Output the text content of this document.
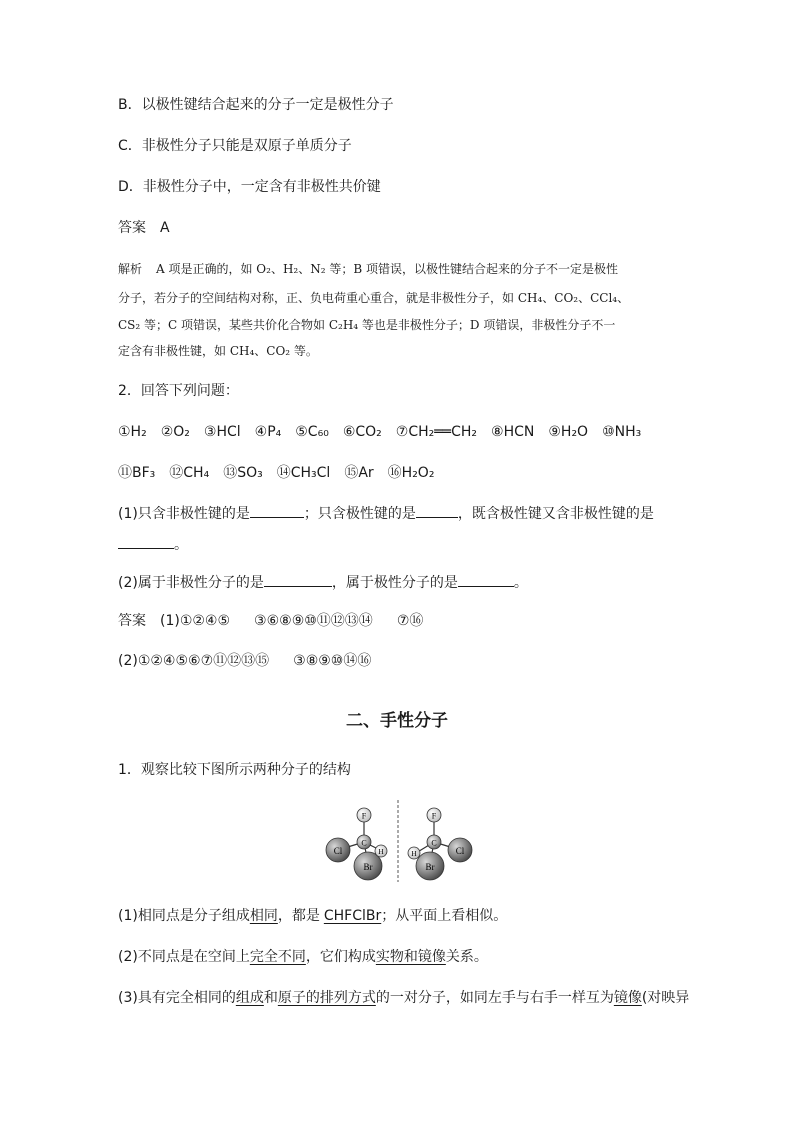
B．以极性键结合起来的分子一定是极性分子
C．非极性分子只能是双原子单质分子
D．非极性分子中，一定含有非极性共价键
答案 A
解析 A 项是正确的，如 O₂、H₂、N₂ 等；B 项错误，以极性键结合起来的分子不一定是极性
分子，若分子的空间结构对称，正、负电荷重心重合，就是非极性分子，如 CH₄、CO₂、CCl₄、
CS₂ 等；C 项错误，某些共价化合物如 C₂H₄ 等也是非极性分子；D 项错误，非极性分子不一
定含有非极性键，如 CH₄、CO₂ 等。
2．回答下列问题：
①H₂ ②O₂ ③HCl ④P₄ ⑤C₆₀ ⑥CO₂ ⑦CH₂══CH₂ ⑧HCN ⑨H₂O ⑩NH₃
⑪BF₃ ⑫CH₄ ⑬SO₃ ⑭CH₃Cl ⑮Ar ⑯H₂O₂
(1)只含非极性键的是	；只含极性键的是	，既含极性键又含非极性键的是
。
(2)属于非极性分子的是	，属于极性分子的是	。
答案 (1)①②④⑤ ③⑥⑧⑨⑩⑪⑫⑬⑭ ⑦⑯
(2)①②④⑤⑥⑦⑪⑫⑬⑮ ③⑧⑨⑩⑭⑯
二、手性分子
1．观察比较下图所示两种分子的结构
Cl
F
Br
C
H	Cl
F
Br
C
H
(1)相同点是分子组成相同，都是 CHFClBr；从平面上看相似。
(2)不同点是在空间上完全不同，它们构成实物和镜像关系。
(3)具有完全相同的组成和原子的排列方式的一对分子，如同左手与右手一样互为镜像(对映异
